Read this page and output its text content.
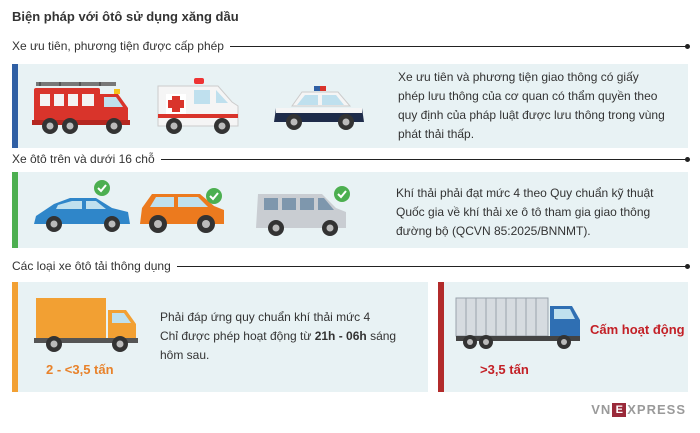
Biện pháp với ôtô sử dụng xăng dầu
Xe ưu tiên, phương tiện được cấp phép
Xe ưu tiên và phương tiện giao thông có giấy phép lưu thông của cơ quan có thẩm quyền theo quy định của pháp luật được lưu thông trong vùng phát thải thấp.
Xe ôtô trên và dưới 16 chỗ
Khí thải phải đạt mức 4 theo Quy chuẩn kỹ thuật Quốc gia về khí thải xe ô tô tham gia giao thông đường bộ (QCVN 85:2025/BNNMT).
Các loại xe ôtô tải thông dụng
2 - <3,5 tấn
Phải đáp ứng quy chuẩn khí thải mức 4
Chỉ được phép hoạt động từ 21h - 06h sáng hôm sau.
>3,5 tấn
Cấm hoạt động
VN E XPRESS
